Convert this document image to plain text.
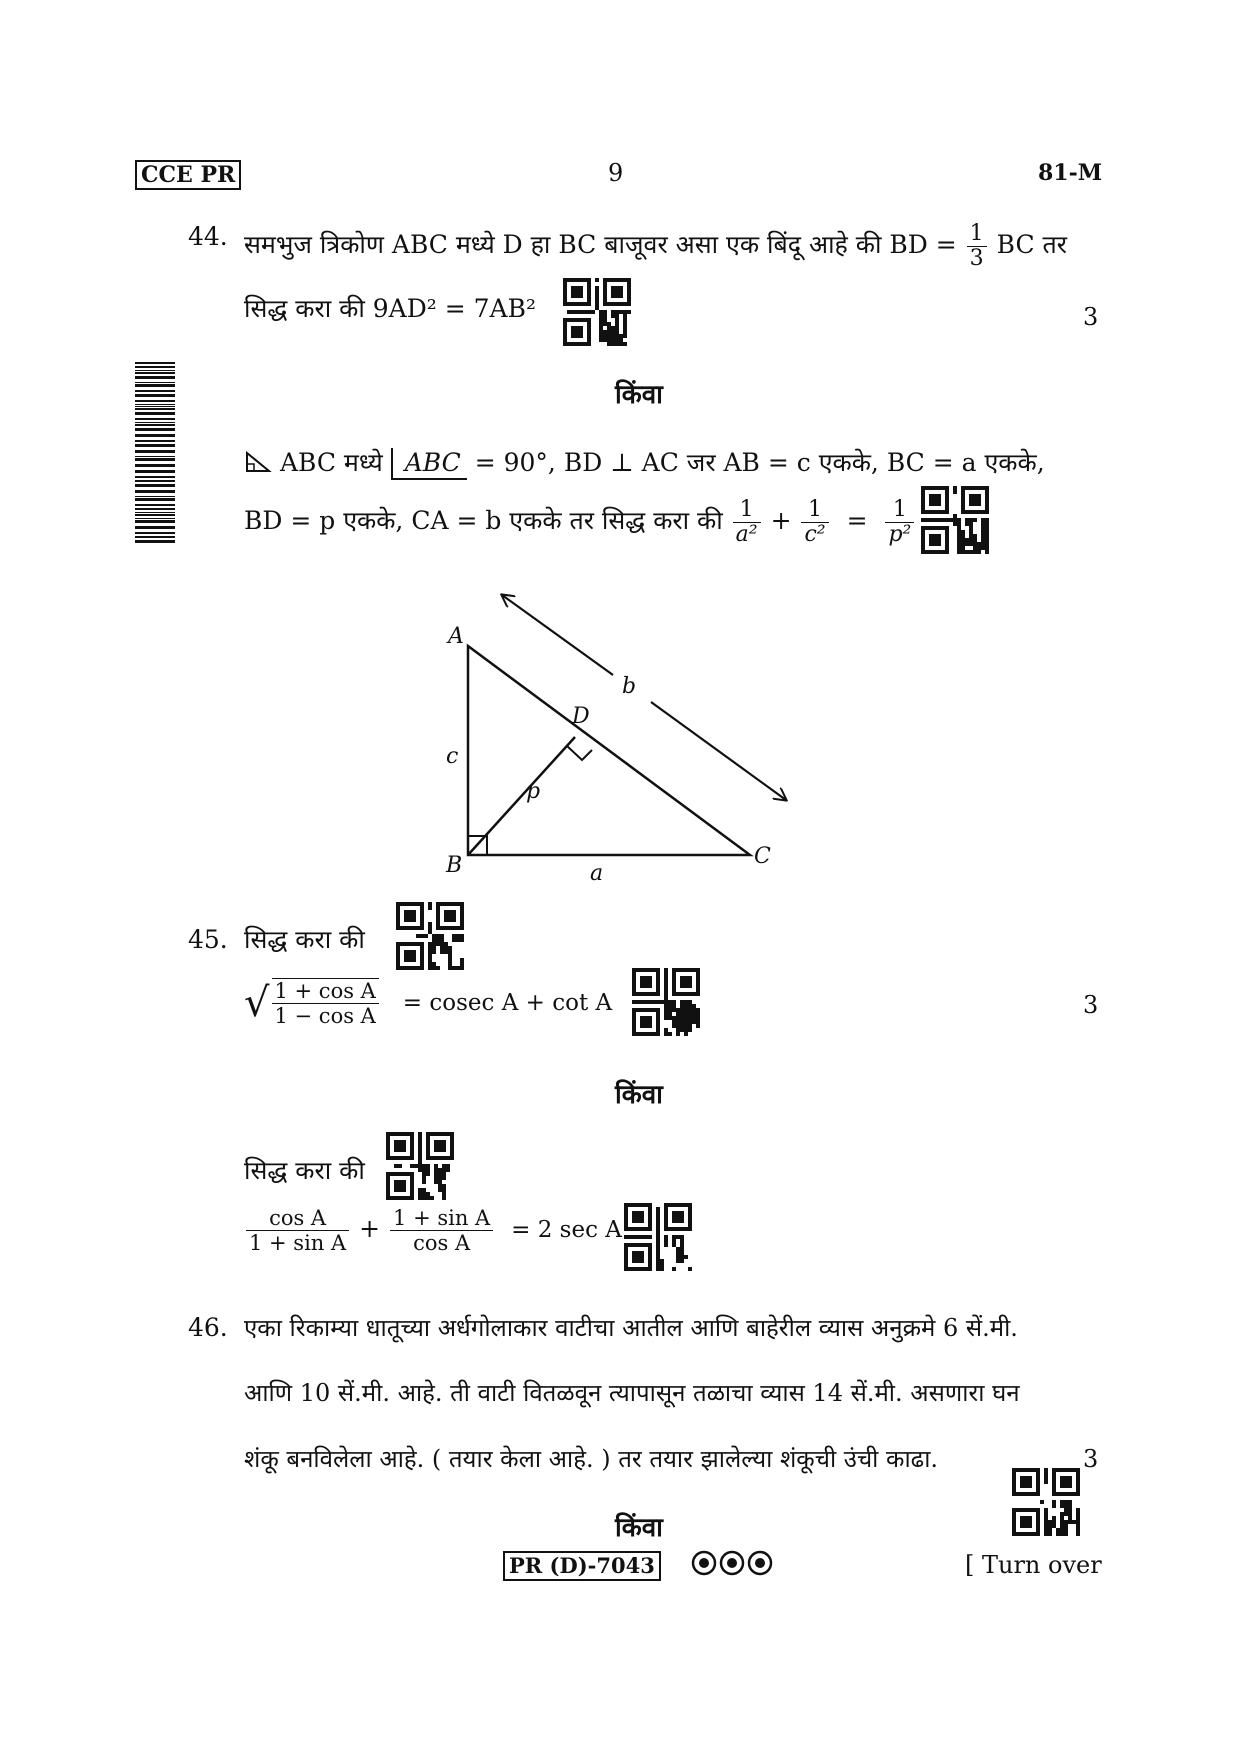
CCE PR	9	81-M
44. समभुज त्रिकोण ABC मध्ये D हा BC बाजूवर असा एक बिंदू आहे की BD = $\frac{1}{3}$ BC तर
सिद्ध करा की 9AD² = 7AB²	3
किंवा
ABC मध्ये ABC = 90°, BD ⊥ AC जर AB = c एकके, BC = a एकके,
BD = p एकके, CA = b एकके तर सिद्ध करा की $\frac{1}{\text{a²}} + \frac{1}{\text{c²}} = \frac{1}{\text{p²}}$
A
B	C
D
a
b
c
p
45. सिद्ध करा की
√ $\frac{\text{1 + cos A}}{\text{1 − cos A}} = cosec$ A + cot A	3
किंवा
सिद्ध करा की
$\frac{\text{cos A}}{\text{1 + sin A}} + \frac{\text{1 + sin A}}{\text{cos A}} = 2$ sec A
46. एका रिकाम्या धातूच्या अर्धगोलाकार वाटीचा आतील आणि बाहेरील व्यास अनुक्रमे 6 सें.मी.
आणि 10 सें.मी. आहे. ती वाटी वितळवून त्यापासून तळाचा व्यास 14 सें.मी. असणारा घन
शंकू बनविलेला आहे. ( तयार केला आहे. ) तर तयार झालेल्या शंकूची उंची काढा.	3
किंवा
PR (D)-7043	[ Turn over
